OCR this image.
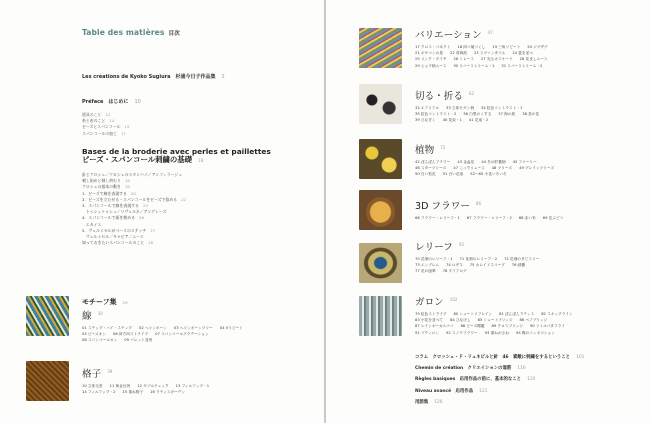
Table des matières 目次
Les créations de Kyoko Sugiura　杉浦今日子作品集 2
Préface　はじめに 10
道具のこと 12
糸と布のこと 14
ビーズとスパンコール 15
スパンコールの加工 17
Bases de la broderie avec perles et paillettes
ビーズ・スパンコール刺繍の基礎 18
針とクロシェ／クロシェのスタンバイ／アンフィラージュ
刺し始めと刺し終わり 18
クロシェの基本の動き 19
1．ビーズで線を表現する 20
2．ビーズを立たせる・スパンコールをビーズで留める 22
3．スパンコールで線を表現する 23
　トゥシュトゥシュ／リヴェルネ／アングレーズ
4．スパンコールで面を埋める 26
　エカイユ
5．ヴェルミセルがベースのステッチ 27
　ヴェルミセル／キャビア／ムース
知っておきたいスパンコールのこと 28
モチーフ集 29
線 $^{30}$
01 ステップ・バイ・ステップ 02 ヘリンボーン 03 ヘリンボーンツリー 04 Vリピート
05 ビーズオン 06 斜方向ストライプ 07 スパンコールグラデーション
08 スパンコールオン 09 パレット並列
格子 $^{39}$
10 立体交差 11 黄金比列 12 ダブルチェック 13 フィルアップ・1
14 フィルアップ・2 15 重ね格子 16 ラティスガーデン
バリエーション $^{47}$
17 クロス・コネクト 18 四つ葉づくし 19 三角リピート 20 ジグザグ
21 ボヤマンの星 22 青海波 23 スヴァンタイル 24 菱を並べ
25 リンク・ダイヤ 26 トレース 27 光るカスケード 28 花ましムース
29 ヒョウ柄ムース 30 リバーストリーム・1 31 リバーストリーム・2
切る・折る $^{62}$
32 エアリアル 33 立体モダン柄 34 虹色コントラスト・1
35 虹色コントラスト・2 36 白黒のくす玉 37 海の底 38 星の花
39 ひなぎく 40 花束・1 41 花束・2
植物 $^{72}$
42 ぽんぽんフラワー 43 金盃花 44 冬の貯蓄柄 45 フリーリー
46 スターツリーズ 47 こっでリュース 48 ツリーズ 49 グレインツリーズ
50 白い粒花 51 白い花束 52〜65 小花いろいろ
3D フラワー $^{86}$
66 フラワー・レリーフ・1 67 フラワー・レリーフ・2 68 赤い実 69 花ぶどう
レリーフ $^{92}$
70 花畑のレリーフ・1 71 花畑のレリーフ・2 72 花畑のタピスリー
73 エンブレム 74 ロザス 75 カレイドスコープ 76 絨嚢
77 花の風華 78 ダイアログ
ガロン $^{102}$
79 虹色ストライプ 80 シュートリフレイン 81 ぽんぽんラティス 82 スキップライン
83 小花を並べて 84 ひなげし 85 シュートブリッジ 86 ベアブリッジ
87 レインボーカルナバ 88 ビーズ聞籠 89 クロスブリッジ 90 リトルバタフライ
91 ブティロン 92 スノウフラワー 93 重ねがさね 94 蝶のコンボジション
コラム　クロッシェ・ド・リュネビルと針　46　素敵に刺繍をするということ 101
Chemin de création　クリエイションの道筋 116
Règles basiques　応用作品の前に、基本的なこと 120
Niveau avancé　応用作品 121
用語集 126
